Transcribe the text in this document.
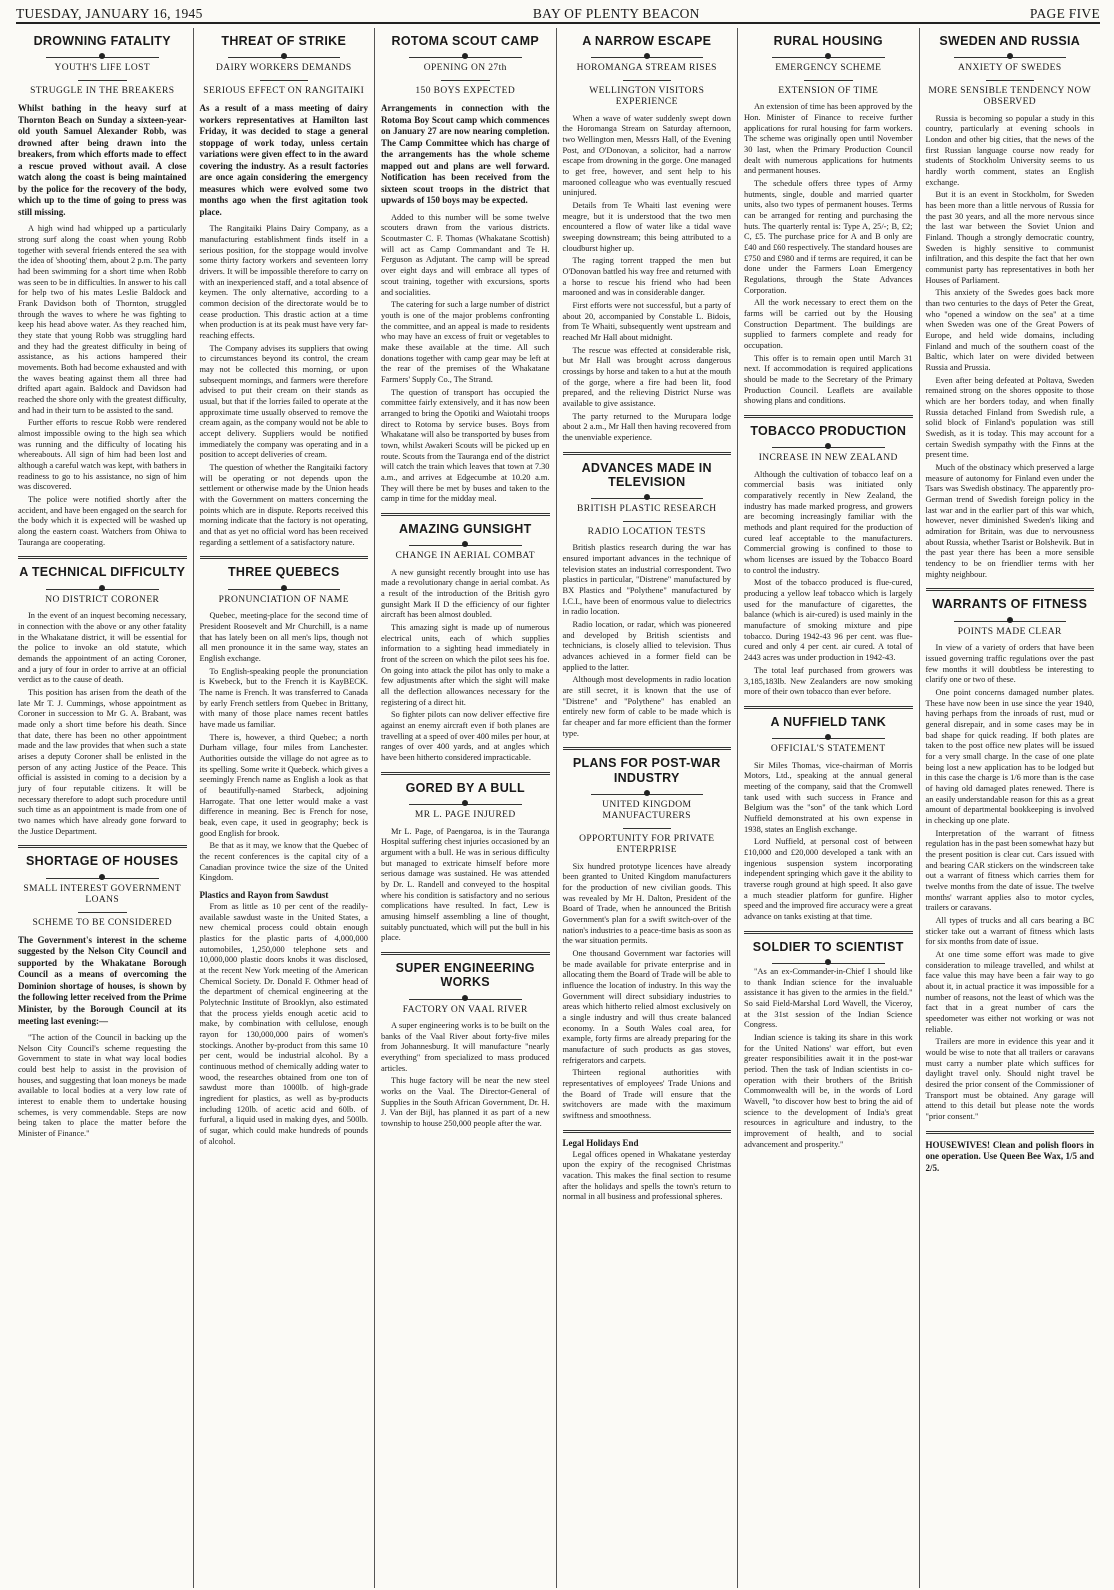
TUESDAY, JANUARY 16, 1945	BAY OF PLENTY BEACON	PAGE FIVE
DROWNING FATALITY
YOUTH'S LIFE LOST
STRUGGLE IN THE BREAKERS
Whilst bathing in the heavy surf at Thornton Beach on Sunday a sixteen-year-old youth Samuel Alexander Robb, was drowned after being drawn into the breakers, from which efforts made to effect a rescue proved without avail. A close watch along the coast is being maintained by the police for the recovery of the body, which up to the time of going to press was still missing.

A high wind had whipped up a particularly strong surf along the coast when young Robb together with several friends entered the sea with the idea of 'shooting' them, about 2 p.m. The party had been swimming for a short time when Robb was seen to be in difficulties. In answer to his call for help two of his mates Leslie Baldock and Frank Davidson both of Thornton, struggled through the waves to where he was fighting to keep his head above water. As they reached him, they state that young Robb was struggling hard and they had the greatest difficulty in being of assistance, as his actions hampered their movements. Both had become exhausted and with the waves beating against them all three had drifted apart again. Baldock and Davidson had reached the shore only with the greatest difficulty, and had in their turn to be assisted to the sand.

Further efforts to rescue Robb were rendered almost impossible owing to the high sea which was running and the difficulty of locating his whereabouts. All sign of him had been lost and although a careful watch was kept, with bathers in readiness to go to his assistance, no sign of him was discovered.

The police were notified shortly after the accident, and have been engaged on the search for the body which it is expected will be washed up along the eastern coast. Watchers from Ohiwa to Tauranga are cooperating.

A TECHNICAL DIFFICULTY
NO DISTRICT CORONER

In the event of an inquest becoming necessary, in connection with the above or any other fatality in the Whakatane district, it will be essential for the police to invoke an old statute, which demands the appointment of an acting Coroner, and a jury of four in order to arrive at an official verdict as to the cause of death.

This position has arisen from the death of the late Mr T. J. Cummings, whose appointment as Coroner in succession to Mr G. A. Brabant, was made only a short time before his death. Since that date, there has been no other appointment made and the law provides that when such a state arises a deputy Coroner shall be enlisted in the person of any acting Justice of the Peace. This official is assisted in coming to a decision by a jury of four reputable citizens. It will be necessary therefore to adopt such procedure until such time as an appointment is made from one of two names which have already gone forward to the Justice Department.

SHORTAGE OF HOUSES
SMALL INTEREST GOVERNMENT LOANS
SCHEME TO BE CONSIDERED
The Government's interest in the scheme suggested by the Nelson City Council and supported by the Whakatane Borough Council as a means of overcoming the Dominion shortage of houses, is shown by the following letter received from the Prime Minister, by the Borough Council at its meeting last evening:—

"The action of the Council in backing up the Nelson City Council's scheme requesting the Government to state in what way local bodies could best help to assist in the provision of houses, and suggesting that loan moneys be made available to local bodies at a very low rate of interest to enable them to undertake housing schemes, is very commendable. Steps are now being taken to place the matter before the Minister of Finance."

THREAT OF STRIKE
DAIRY WORKERS DEMANDS
SERIOUS EFFECT ON RANGITAIKI
As a result of a mass meeting of dairy workers representatives at Hamilton last Friday, it was decided to stage a general stoppage of work today, unless certain variations were given effect to in the award covering the industry. As a result factories are once again considering the emergency measures which were evolved some two months ago when the first agitation took place.

The Rangitaiki Plains Dairy Company, as a manufacturing establishment finds itself in a serious position, for the stoppage would involve some thirty factory workers and seventeen lorry drivers. It will be impossible therefore to carry on with an inexperienced staff, and a total absence of keymen. The only alternative, according to a common decision of the directorate would be to cease production. This drastic action at a time when production is at its peak must have very far-reaching effects.

The Company advises its suppliers that owing to circumstances beyond its control, the cream may not be collected this morning, or upon subsequent mornings, and farmers were therefore advised to put their cream on their stands as usual, but that if the lorries failed to operate at the approximate time usually observed to remove the cream again, as the company would not be able to accept delivery. Suppliers would be notified immediately the company was operating and in a position to accept deliveries of cream.

The question of whether the Rangitaiki factory will be operating or not depends upon the settlement or otherwise made by the Union heads with the Government on matters concerning the points which are in dispute. Reports received this morning indicate that the factory is not operating, and that as yet no official word has been received regarding a settlement of a satisfactory nature.

THREE QUEBECS
PRONUNCIATION OF NAME

Quebec, meeting-place for the second time of President Roosevelt and Mr Churchill, is a name that has lately been on all men's lips, though not all men pronounce it in the same way, states an English exchange.

To English-speaking people the pronunciation is Kwebeck, but to the French it is KayBECK. The name is French. It was transferred to Canada by early French settlers from Quebec in Brittany, with many of those place names recent battles have made us familiar.

There is, however, a third Quebec; a north Durham village, four miles from Lanchester. Authorities outside the village do not agree as to its spelling. Some write it Quebeck. which gives a seemingly French name as English a look as that of beautifully-named Starbeck, adjoining Harrogate. That one letter would make a vast difference in meaning. Bec is French for nose, beak, even cape, it used in geography; beck is good English for brook.

Be that as it may, we know that the Quebec of the recent conferences is the capital city of a Canadian province twice the size of the United Kingdom.

Plastics and Rayon from Sawdust

From as little as 10 per cent of the readily-available sawdust waste in the United States, a new chemical process could obtain enough plastics for the plastic parts of 4,000,000 automobiles, 1,250,000 telephone sets and 10,000,000 plastic doors knobs it was disclosed, at the recent New York meeting of the American Chemical Society. Dr. Donald F. Othmer head of the department of chemical engineering at the Polytechnic Institute of Brooklyn, also estimated that the process yields enough acetic acid to make, by combination with cellulose, enough rayon for 130,000,000 pairs of women's stockings. Another by-product from this same 10 per cent, would be industrial alcohol. By a continuous method of chemically adding water to wood, the researches obtained from one ton of sawdust more than 1000lb. of high-grade ingredient for plastics, as well as by-products including 120lb. of acetic acid and 60lb. of furfural, a liquid used in making dyes, and 500lb. of sugar, which could make hundreds of pounds of alcohol.

ROTOMA SCOUT CAMP
OPENING ON 27th
150 BOYS EXPECTED
Arrangements in connection with the Rotoma Boy Scout camp which commences on January 27 are now nearing completion. The Camp Committee which has charge of the arrangements has the whole scheme mapped out and plans are well forward. Notification has been received from the sixteen scout troops in the district that upwards of 150 boys may be expected.

Added to this number will be some twelve scouters drawn from the various districts. Scoutmaster C. F. Thomas (Whakatane Scottish) will act as Camp Commandant and Te H. Ferguson as Adjutant. The camp will be spread over eight days and will embrace all types of scout training, together with excursions, sports and socialities.

The catering for such a large number of district youth is one of the major problems confronting the committee, and an appeal is made to residents who may have an excess of fruit or vegetables to make these available at the time. All such donations together with camp gear may be left at the rear of the premises of the Whakatane Farmers' Supply Co., The Strand.

The question of transport has occupied the committee fairly extensively, and it has now been arranged to bring the Opotiki and Waiotahi troops direct to Rotoma by service buses. Boys from Whakatane will also be transported by buses from town, whilst Awakeri Scouts will be picked up en route. Scouts from the Tauranga end of the district will catch the train which leaves that town at 7.30 a.m., and arrives at Edgecumbe at 10.20 a.m. They will there be met by buses and taken to the camp in time for the midday meal.

AMAZING GUNSIGHT
CHANGE IN AERIAL COMBAT

A new gunsight recently brought into use has made a revolutionary change in aerial combat. As a result of the introduction of the British gyro gunsight Mark II D the efficiency of our fighter aircraft has been almost doubled.

This amazing sight is made up of numerous electrical units, each of which supplies information to a sighting head immediately in front of the screen on which the pilot sees his foe. On going into attack the pilot has only to make a few adjustments after which the sight will make all the deflection allowances necessary for the registering of a direct hit.

So fighter pilots can now deliver effective fire against an enemy aircraft even if both planes are travelling at a speed of over 400 miles per hour, at ranges of over 400 yards, and at angles which have been hitherto considered impracticable.

GORED BY A BULL
MR L. PAGE INJURED

Mr L. Page, of Paengaroa, is in the Tauranga Hospital suffering chest injuries occasioned by an argument with a bull. He was in serious difficulty but managed to extricate himself before more serious damage was sustained. He was attended by Dr. L. Randell and conveyed to the hospital where his condition is satisfactory and no serious complications have resulted. In fact, Lew is amusing himself assembling a line of thought, suitably punctuated, which will put the bull in his place.

SUPER ENGINEERING WORKS
FACTORY ON VAAL RIVER

A super engineering works is to be built on the banks of the Vaal River about forty-five miles from Johannesburg. It will manufacture "nearly everything" from specialized to mass produced articles.

This huge factory will be near the new steel works on the Vaal. The Director-General of Supplies in the South African Government, Dr. H. J. Van der Bijl, has planned it as part of a new township to house 250,000 people after the war.

A NARROW ESCAPE
HOROMANGA STREAM RISES
WELLINGTON VISITORS EXPERIENCE

When a wave of water suddenly swept down the Horomanga Stream on Saturday afternoon, two Wellington men, Messrs Hall, of the Evening Post, and O'Donovan, a solicitor, had a narrow escape from drowning in the gorge. One managed to get free, however, and sent help to his marooned colleague who was eventually rescued uninjured.

Details from Te Whaiti last evening were meagre, but it is understood that the two men encountered a flow of water like a tidal wave sweeping downstream; this being attributed to a cloudburst higher up.

The raging torrent trapped the men but O'Donovan battled his way free and returned with a horse to rescue his friend who had been marooned and was in considerable danger.

First efforts were not successful, but a party of about 20, accompanied by Constable L. Bidois, from Te Whaiti, subsequently went upstream and reached Mr Hall about midnight.

The rescue was effected at considerable risk, but Mr Hall was brought across dangerous crossings by horse and taken to a hut at the mouth of the gorge, where a fire had been lit, food prepared, and the relieving District Nurse was available to give assistance.

The party returned to the Murupara lodge about 2 a.m., Mr Hall then having recovered from the unenviable experience.

ADVANCES MADE IN TELEVISION
BRITISH PLASTIC RESEARCH
RADIO LOCATION TESTS

British plastics research during the war has ensured important advances in the technique of television states an industrial correspondent. Two plastics in particular, "Distrene" manufactured by BX Plastics and "Polythene" manufactured by I.C.I., have been of enormous value to dielectrics in radio location.

Radio location, or radar, which was pioneered and developed by British scientists and technicians, is closely allied to television. Thus advances achieved in a former field can be applied to the latter.

Although most developments in radio location are still secret, it is known that the use of "Distrene" and "Polythene" has enabled an entirely new form of cable to be made which is far cheaper and far more efficient than the former type.

PLANS FOR POST-WAR INDUSTRY
UNITED KINGDOM MANUFACTURERS
OPPORTUNITY FOR PRIVATE ENTERPRISE

Six hundred prototype licences have already been granted to United Kingdom manufacturers for the production of new civilian goods. This was revealed by Mr H. Dalton, President of the Board of Trade, when he announced the British Government's plan for a swift switch-over of the nation's industries to a peace-time basis as soon as the war situation permits.

One thousand Government war factories will be made available for private enterprise and in allocating them the Board of Trade will be able to influence the location of industry. In this way the Government will direct subsidiary industries to areas which hitherto relied almost exclusively on a single industry and will thus create balanced economy. In a South Wales coal area, for example, forty firms are already preparing for the manufacture of such products as gas stoves, refrigerators and carpets.

Thirteen regional authorities with representatives of employees' Trade Unions and the Board of Trade will ensure that the switchovers are made with the maximum swiftness and smoothness.

Legal Holidays End

Legal offices opened in Whakatane yesterday upon the expiry of the recognised Christmas vacation. This makes the final section to resume after the holidays and spells the town's return to normal in all business and professional spheres.

RURAL HOUSING
EMERGENCY SCHEME
EXTENSION OF TIME

An extension of time has been approved by the Hon. Minister of Finance to receive further applications for rural housing for farm workers. The scheme was originally open until November 30 last, when the Primary Production Council dealt with numerous applications for hutments and permanent houses.

The schedule offers three types of Army hutments, single, double and married quarter units, also two types of permanent houses. Terms can be arranged for renting and purchasing the huts. The quarterly rental is: Type A, 25/-; B, £2; C, £5. The purchase price for A and B only are £40 and £60 respectively. The standard houses are £750 and £980 and if terms are required, it can be done under the Farmers Loan Emergency Regulations, through the State Advances Corporation.

All the work necessary to erect them on the farms will be carried out by the Housing Construction Department. The buildings are supplied to farmers complete and ready for occupation.

This offer is to remain open until March 31 next. If accommodation is required applications should be made to the Secretary of the Primary Production Council. Leaflets are available showing plans and conditions.

TOBACCO PRODUCTION
INCREASE IN NEW ZEALAND

Although the cultivation of tobacco leaf on a commercial basis was initiated only comparatively recently in New Zealand, the industry has made marked progress, and growers are becoming increasingly familiar with the methods and plant required for the production of cured leaf acceptable to the manufacturers. Commercial growing is confined to those to whom licenses are issued by the Tobacco Board to control the industry.

Most of the tobacco produced is flue-cured, producing a yellow leaf tobacco which is largely used for the manufacture of cigarettes, the balance (which is air-cured) is used mainly in the manufacture of smoking mixture and pipe tobacco. During 1942-43 96 per cent. was flue-cured and only 4 per cent. air cured. A total of 2443 acres was under production in 1942-43.

The total leaf purchased from growers was 3,185,183lb. New Zealanders are now smoking more of their own tobacco than ever before.

A NUFFIELD TANK
OFFICIAL'S STATEMENT

Sir Miles Thomas, vice-chairman of Morris Motors, Ltd., speaking at the annual general meeting of the company, said that the Cromwell tank used with such success in France and Belgium was the "son" of the tank which Lord Nuffield demonstrated at his own expense in 1938, states an English exchange.

Lord Nuffield, at personal cost of between £10,000 and £20,000 developed a tank with an ingenious suspension system incorporating independent springing which gave it the ability to traverse rough ground at high speed. It also gave a much steadier platform for gunfire. Higher speed and the improved fire accuracy were a great advance on tanks existing at that time.

SOLDIER TO SCIENTIST

"As an ex-Commander-in-Chief I should like to thank Indian science for the invaluable assistance it has given to the armies in the field." So said Field-Marshal Lord Wavell, the Viceroy, at the 31st session of the Indian Science Congress.

Indian science is taking its share in this work for the United Nations' war effort, but even greater responsibilities await it in the post-war period. Then the task of Indian scientists in co-operation with their brothers of the British Commonwealth will be, in the words of Lord Wavell, "to discover how best to bring the aid of science to the development of India's great resources in agriculture and industry, to the improvement of health, and to social advancement and prosperity."

SWEDEN AND RUSSIA
ANXIETY OF SWEDES
MORE SENSIBLE TENDENCY NOW OBSERVED

Russia is becoming so popular a study in this country, particularly at evening schools in London and other big cities, that the news of the first Russian language course now ready for students of Stockholm University seems to us hardly worth comment, states an English exchange.

But it is an event in Stockholm, for Sweden has been more than a little nervous of Russia for the past 30 years, and all the more nervous since the last war between the Soviet Union and Finland. Though a strongly democratic country, Sweden is highly sensitive to communist infiltration, and this despite the fact that her own communist party has representatives in both her Houses of Parliament.

This anxiety of the Swedes goes back more than two centuries to the days of Peter the Great, who "opened a window on the sea" at a time when Sweden was one of the Great Powers of Europe, and held wide domains, including Finland and much of the southern coast of the Baltic, which later on were divided between Russia and Prussia.

Even after being defeated at Poltava, Sweden remained strong on the shores opposite to those which are her borders today, and when finally Russia detached Finland from Swedish rule, a solid block of Finland's population was still Swedish, as it is today. This may account for a certain Swedish sympathy with the Finns at the present time.

Much of the obstinacy which preserved a large measure of autonomy for Finland even under the Tsars was Swedish obstinacy. The apparently pro-German trend of Swedish foreign policy in the last war and in the earlier part of this war which, however, never diminished Sweden's liking and admiration for Britain, was due to nervousness about Russia, whether Tsarist or Bolshevik. But in the past year there has been a more sensible tendency to be on friendlier terms with her mighty neighbour.

WARRANTS OF FITNESS
POINTS MADE CLEAR

In view of a variety of orders that have been issued governing traffic regulations over the past few months it will doubtless be interesting to clarify one or two of these.

One point concerns damaged number plates. These have now been in use since the year 1940, having perhaps from the inroads of rust, mud or general disrepair, and in some cases may be in bad shape for quick reading. If both plates are taken to the post office new plates will be issued for a very small charge. In the case of one plate being lost a new application has to be lodged but in this case the charge is 1/6 more than is the case of having old damaged plates renewed. There is an easily understandable reason for this as a great amount of departmental bookkeeping is involved in checking up one plate.

Interpretation of the warrant of fitness regulation has in the past been somewhat hazy but the present position is clear cut. Cars issued with and bearing CAR stickers on the windscreen take out a warrant of fitness which carries them for twelve months from the date of issue. The twelve months' warrant applies also to motor cycles, trailers or caravans.

All types of trucks and all cars bearing a BC sticker take out a warrant of fitness which lasts for six months from date of issue.

At one time some effort was made to give consideration to mileage travelled, and whilst at face value this may have been a fair way to go about it, in actual practice it was impossible for a number of reasons, not the least of which was the fact that in a great number of cars the speedometer was either not working or was not reliable.

Trailers are more in evidence this year and it would be wise to note that all trailers or caravans must carry a number plate which suffices for daylight travel only. Should night travel be desired the prior consent of the Commissioner of Transport must be obtained. Any garage will attend to this detail but please note the words "prior consent."

HOUSEWIVES! Clean and polish floors in one operation. Use Queen Bee Wax, 1/5 and 2/5.
